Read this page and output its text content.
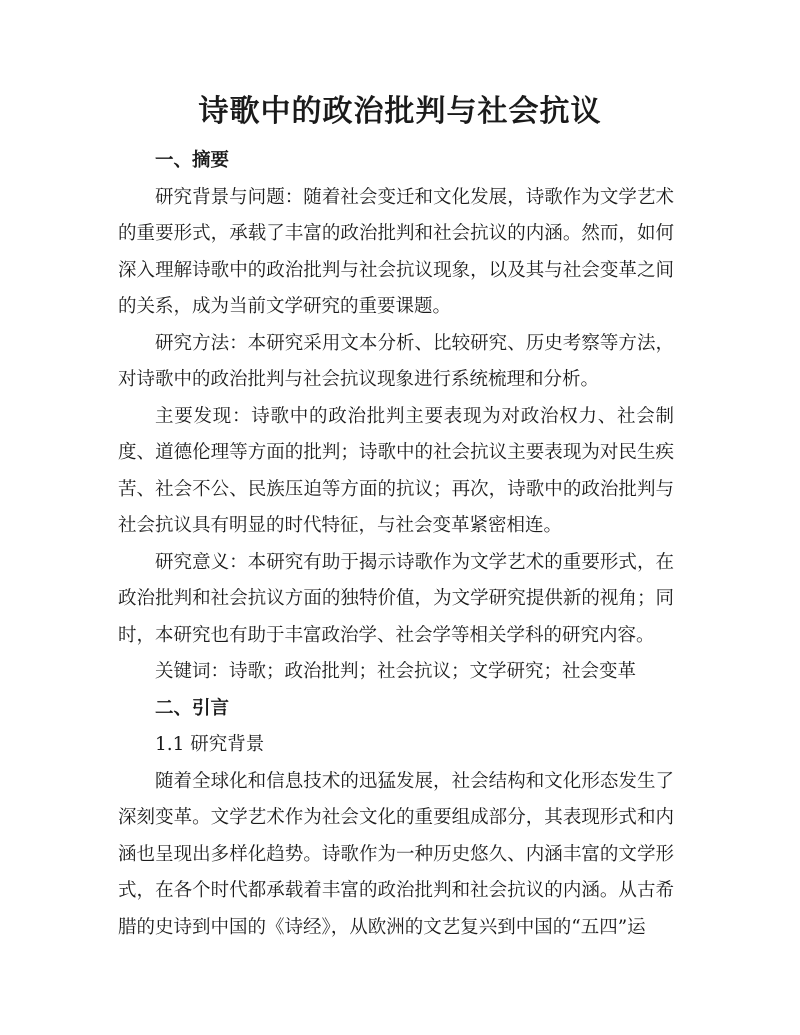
诗歌中的政治批判与社会抗议

一、摘要

研究背景与问题：随着社会变迁和文化发展，诗歌作为文学艺术的重要形式，承载了丰富的政治批判和社会抗议的内涵。然而，如何深入理解诗歌中的政治批判与社会抗议现象，以及其与社会变革之间的关系，成为当前文学研究的重要课题。

研究方法：本研究采用文本分析、比较研究、历史考察等方法，对诗歌中的政治批判与社会抗议现象进行系统梳理和分析。

主要发现：诗歌中的政治批判主要表现为对政治权力、社会制度、道德伦理等方面的批判；诗歌中的社会抗议主要表现为对民生疾苦、社会不公、民族压迫等方面的抗议；再次，诗歌中的政治批判与社会抗议具有明显的时代特征，与社会变革紧密相连。

研究意义：本研究有助于揭示诗歌作为文学艺术的重要形式，在政治批判和社会抗议方面的独特价值，为文学研究提供新的视角；同时，本研究也有助于丰富政治学、社会学等相关学科的研究内容。

关键词：诗歌；政治批判；社会抗议；文学研究；社会变革

二、引言

1.1 研究背景

随着全球化和信息技术的迅猛发展，社会结构和文化形态发生了深刻变革。文学艺术作为社会文化的重要组成部分，其表现形式和内涵也呈现出多样化趋势。诗歌作为一种历史悠久、内涵丰富的文学形式，在各个时代都承载着丰富的政治批判和社会抗议的内涵。从古希腊的史诗到中国的《诗经》，从欧洲的文艺复兴到中国的“五四”运
